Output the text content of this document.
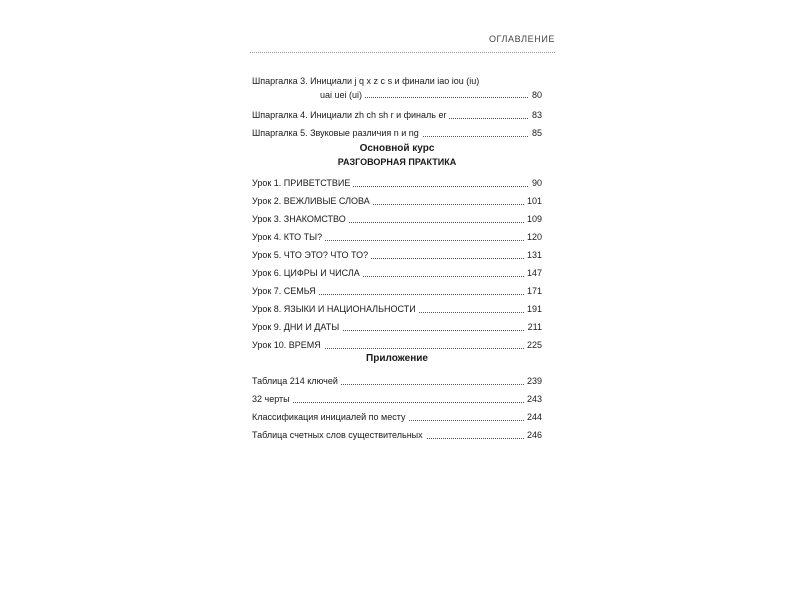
ОГЛАВЛЕНИЕ
Шпаргалка 3. Инициали j q x z c s и финали iao iou (iu)
uai uei (ui)	80
Шпаргалка 4. Инициали zh ch sh r и финаль er	83
Шпаргалка 5. Звуковые различия n и ng	85
Основной курс
РАЗГОВОРНАЯ ПРАКТИКА
Урок 1. ПРИВЕТСТВИЕ	90
Урок 2. ВЕЖЛИВЫЕ СЛОВА	101
Урок 3. ЗНАКОМСТВО	109
Урок 4. КТО ТЫ?	120
Урок 5. ЧТО ЭТО? ЧТО ТО?	131
Урок 6. ЦИФРЫ И ЧИСЛА	147
Урок 7. СЕМЬЯ	171
Урок 8. ЯЗЫКИ И НАЦИОНАЛЬНОСТИ	191
Урок 9. ДНИ И ДАТЫ	211
Урок 10. ВРЕМЯ	225
Приложение
Таблица 214 ключей	239
32 черты	243
Классификация инициалей по месту	244
Таблица счетных слов существительных	246
